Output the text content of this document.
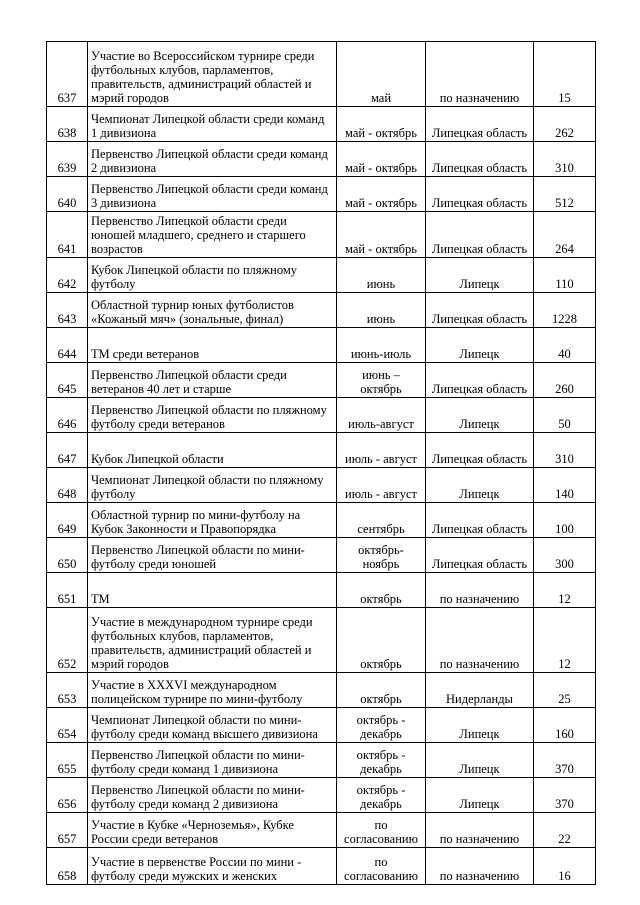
637	Участие во Всероссийском турнире среди футбольных клубов, парламентов, правительств, администраций областей и мэрий городов	май	по назначению	15
638	Чемпионат Липецкой области среди команд 1 дивизиона	май - октябрь	Липецкая область	262
639	Первенство Липецкой области среди команд 2 дивизиона	май - октябрь	Липецкая область	310
640	Первенство Липецкой области среди команд 3 дивизиона	май - октябрь	Липецкая область	512
641	Первенство Липецкой области среди юношей младшего, среднего и старшего возрастов	май - октябрь	Липецкая область	264
642	Кубок Липецкой области по пляжному футболу	июнь	Липецк	110
643	Областной турнир юных футболистов «Кожаный мяч» (зональные, финал)	июнь	Липецкая область	1228
644	ТМ среди ветеранов	июнь-июль	Липецк	40
645	Первенство Липецкой области среди ветеранов 40 лет и старше	июнь – октябрь	Липецкая область	260
646	Первенство Липецкой области по пляжному футболу среди ветеранов	июль-август	Липецк	50
647	Кубок Липецкой области	июль - август	Липецкая область	310
648	Чемпионат Липецкой области по пляжному футболу	июль - август	Липецк	140
649	Областной турнир по мини-футболу на Кубок Законности и Правопорядка	сентябрь	Липецкая область	100
650	Первенство Липецкой области по мини-футболу среди юношей	октябрь-ноябрь	Липецкая область	300
651	ТМ	октябрь	по назначению	12
652	Участие в международном турнире среди футбольных клубов, парламентов, правительств, администраций областей и мэрий городов	октябрь	по назначению	12
653	Участие в XXXVI международном полицейском турнире по мини-футболу	октябрь	Нидерланды	25
654	Чемпионат Липецкой области по мини-футболу среди команд высшего дивизиона	октябрь - декабрь	Липецк	160
655	Первенство Липецкой области по мини-футболу среди команд 1 дивизиона	октябрь - декабрь	Липецк	370
656	Первенство Липецкой области по мини-футболу среди команд 2 дивизиона	октябрь - декабрь	Липецк	370
657	Участие в Кубке «Черноземья», Кубке России среди ветеранов	по согласованию	по назначению	22
658	Участие в первенстве России по мини - футболу среди мужских и женских	по согласованию	по назначению	16
